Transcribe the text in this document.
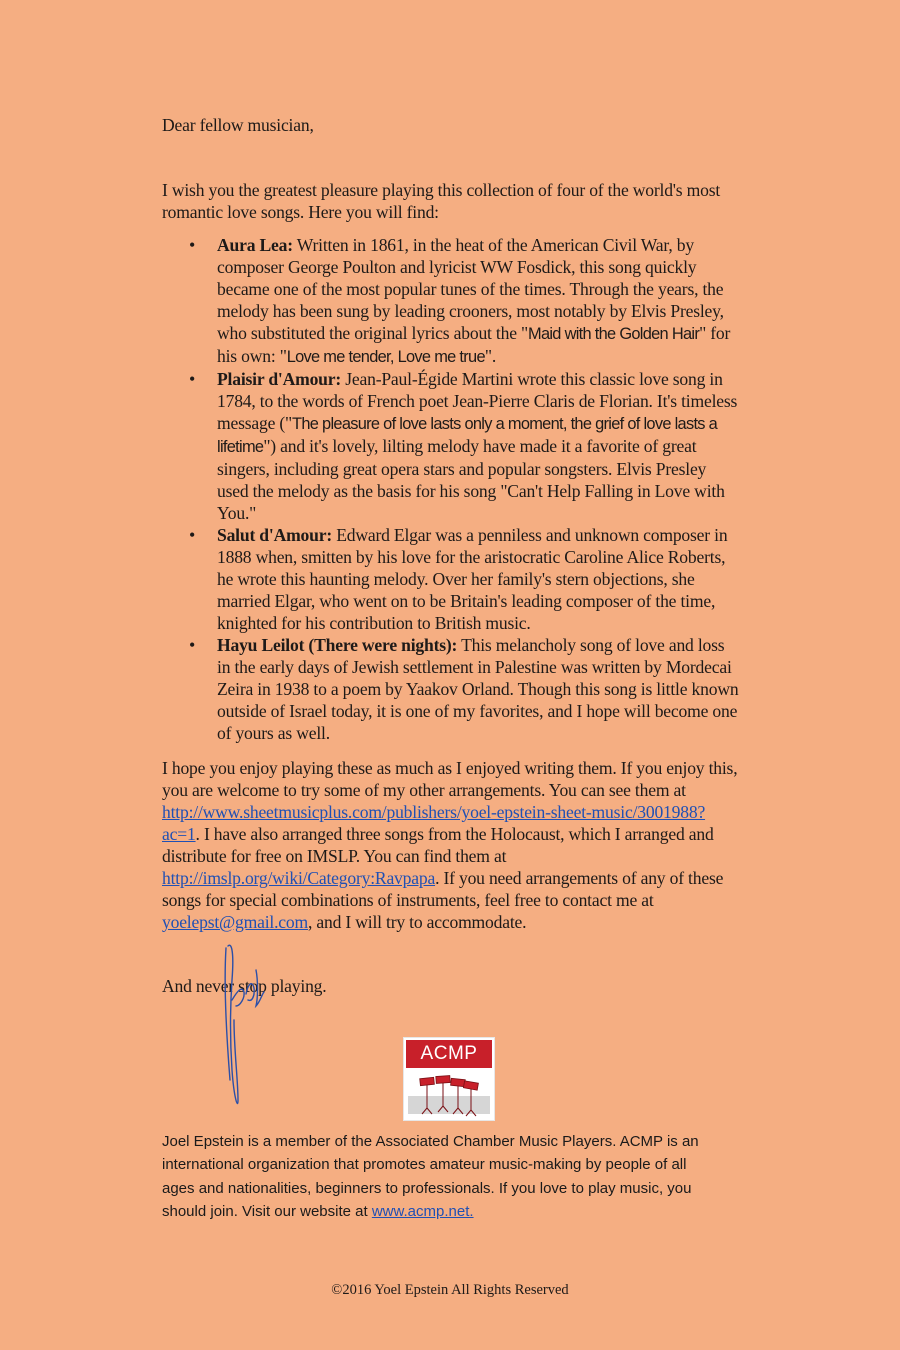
Dear fellow musician,

I wish you the greatest pleasure playing this collection of four of the world's most romantic love songs. Here you will find:

• Aura Lea: Written in 1861, in the heat of the American Civil War, by composer George Poulton and lyricist WW Fosdick, this song quickly became one of the most popular tunes of the times. Through the years, the melody has been sung by leading crooners, most notably by Elvis Presley, who substituted the original lyrics about the "Maid with the Golden Hair" for his own: "Love me tender, Love me true".
• Plaisir d'Amour: Jean-Paul-Égide Martini wrote this classic love song in 1784, to the words of French poet Jean-Pierre Claris de Florian. It's timeless message ("The pleasure of love lasts only a moment, the grief of love lasts a lifetime") and it's lovely, lilting melody have made it a favorite of great singers, including great opera stars and popular songsters. Elvis Presley used the melody as the basis for his song "Can't Help Falling in Love with You."
• Salut d'Amour: Edward Elgar was a penniless and unknown composer in 1888 when, smitten by his love for the aristocratic Caroline Alice Roberts, he wrote this haunting melody. Over her family's stern objections, she married Elgar, who went on to be Britain's leading composer of the time, knighted for his contribution to British music.
• Hayu Leilot (There were nights): This melancholy song of love and loss in the early days of Jewish settlement in Palestine was written by Mordecai Zeira in 1938 to a poem by Yaakov Orland. Though this song is little known outside of Israel today, it is one of my favorites, and I hope will become one of yours as well.

I hope you enjoy playing these as much as I enjoyed writing them. If you enjoy this, you are welcome to try some of my other arrangements. You can see them at http://www.sheetmusicplus.com/publishers/yoel-epstein-sheet-music/3001988?ac=1. I have also arranged three songs from the Holocaust, which I arranged and distribute for free on IMSLP. You can find them at http://imslp.org/wiki/Category:Ravpapa. If you need arrangements of any of these songs for special combinations of instruments, feel free to contact me at yoelepst@gmail.com, and I will try to accommodate.

And never stop playing.

ACMP

Joel Epstein is a member of the Associated Chamber Music Players. ACMP is an international organization that promotes amateur music-making by people of all ages and nationalities, beginners to professionals. If you love to play music, you should join. Visit our website at www.acmp.net.

©2016 Yoel Epstein All Rights Reserved
